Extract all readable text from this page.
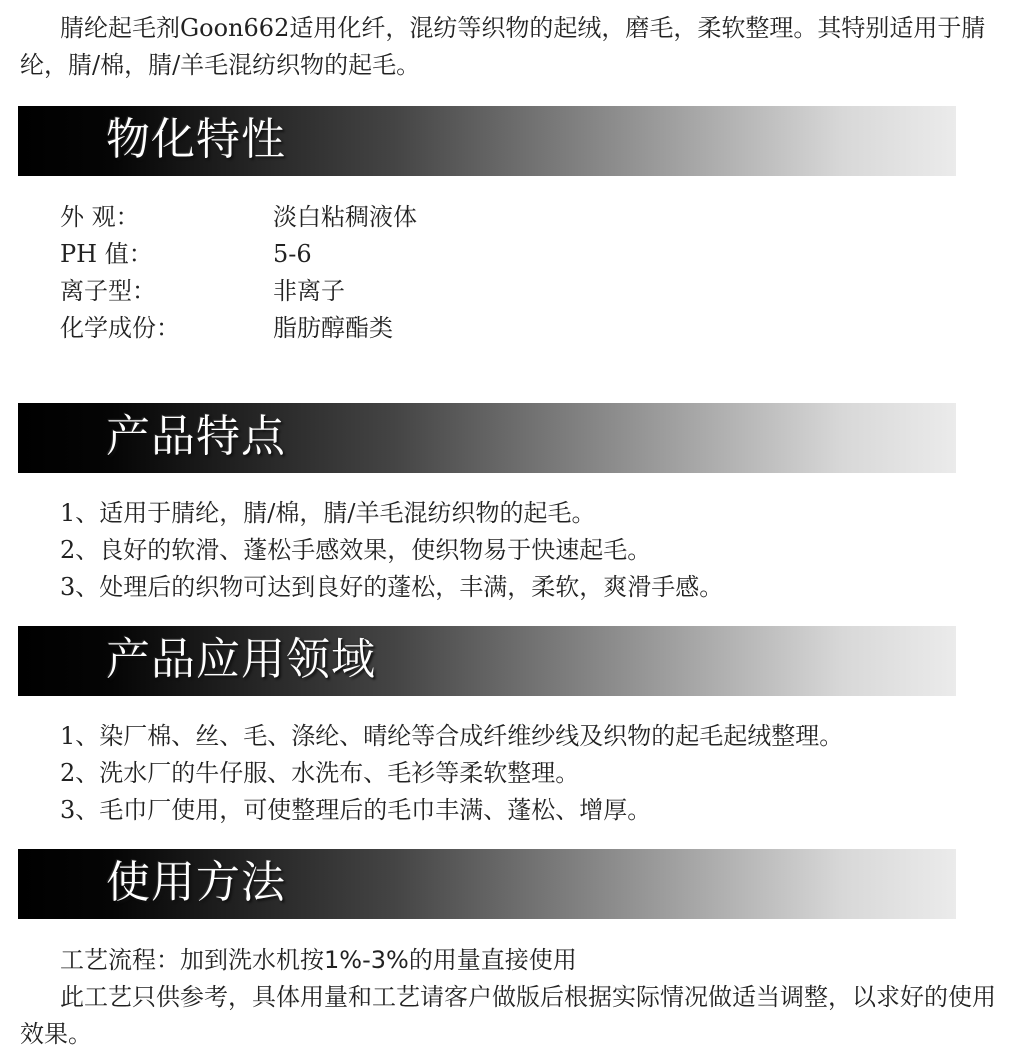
腈纶起毛剂Goon662适用化纤，混纺等织物的起绒，磨毛，柔软整理。其特别适用于腈纶，腈/棉，腈/羊毛混纺织物的起毛。

物化特性
外 观：	淡白粘稠液体
PH 值：	5-6
离子型：	非离子
化学成份：	脂肪醇酯类
产品特点
1、适用于腈纶，腈/棉，腈/羊毛混纺织物的起毛。
2、良好的软滑、蓬松手感效果，使织物易于快速起毛。
3、处理后的织物可达到良好的蓬松，丰满，柔软，爽滑手感。
产品应用领域
1、染厂棉、丝、毛、涤纶、晴纶等合成纤维纱线及织物的起毛起绒整理。
2、洗水厂的牛仔服、水洗布、毛衫等柔软整理。
3、毛巾厂使用，可使整理后的毛巾丰满、蓬松、增厚。
使用方法

工艺流程：加到洗水机按1%-3%的用量直接使用

此工艺只供参考，具体用量和工艺请客户做版后根据实际情况做适当调整，以求好的使用效果。
